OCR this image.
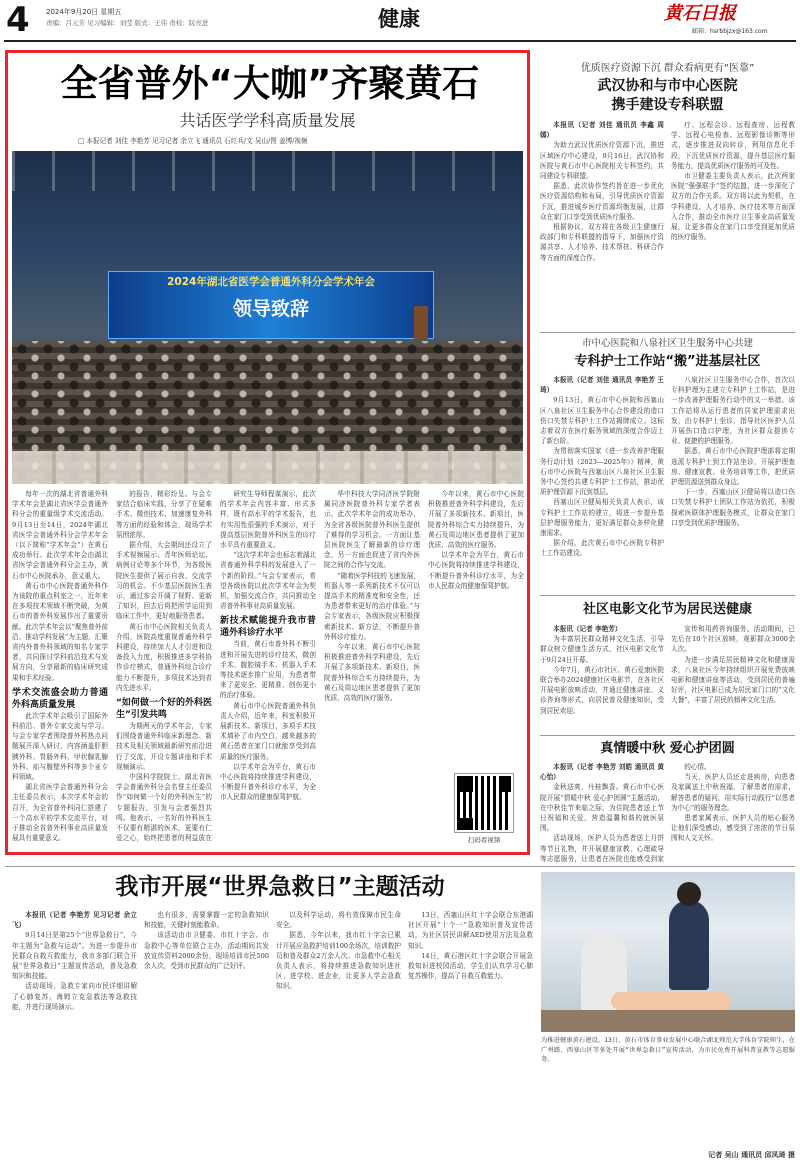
4 2024年9月20日 星期五
责编：吕元芳 见习编辑：刘莹 版式：王伟 责校：阮亮进	健康	黄石日报
邮箱：hsrbbjzx@163.com
全省普外“大咖”齐聚黄石
共话医学学科高质量发展
□ 本报记者 刘佳 李艳芳 见习记者 余立飞 通讯员 石红兵/文 吴山/图 姜博/视频
2024年湖北省医学会普通外科分会学术年会
领导致辞

每年一次的湖北省普通外科学术年会是湖北省医学会普通外科分会的重量级学术交流活动。9月13日至14日，2024年湖北省医学会普通外科分会学术年会（以下简称“学术年会”）在黄石成功举行。此次学术年会由湖北省医学会普通外科分会主办，黄石市中心医院承办，意义重大。

黄石市中心医院普通外科作为该院的重点科室之一，近年来在多项技术领域不断突破，为黄石市的普外科发展作出了重要贡献。此次学术年会以“聚焦普外前沿、推动学科发展”为主题，汇聚省内外普外科领域的知名专家学者，共同探讨学科前沿技术与发展方向，分享最新的临床研究成果和手术经验。

学术交流盛会助力普通外科高质量发展

此次学术年会吸引了国际外科前沿、普外专家交流与学习。与会专家学者围绕普外科热点问题展开深入研讨，内容涵盖肝胆胰外科、胃肠外科、甲状腺乳腺外科、疝与腹壁外科等多个亚专科领域。

湖北省医学会普通外科分会主任委员表示，本次学术年会的召开，为全省普外科同仁搭建了一个高水平的学术交流平台，对于推动全省普外科事业高质量发展具有重要意义。

的报告，精彩纷呈。与会专家结合临床实践，分享了在疑难手术、微创技术、加速康复外科等方面的经验和体会，现场学术氛围浓厚。

据介绍，大会期间还设立了手术视频展示、青年医师论坛、病例讨论等多个环节，为各级医院医生提供了展示自我、交流学习的机会。不少基层医院医生表示，通过参会开阔了视野、更新了知识，回去后将把所学运用到临床工作中，更好地服务患者。

黄石市中心医院相关负责人介绍，医院高度重视普通外科学科建设，持续加大人才引进和设备投入力度，积极推进多学科协作诊疗模式，普通外科综合诊疗能力不断提升，多项技术达到省内先进水平。

“如何做一个好的外科医生”引发共鸣

为期两天的学术年会，专家们围绕普通外科临床新理念、新技术及相关领域最新研究前沿进行了交流，开设专题讲座和手术视频演示。

中国科学院院士、湖北省医学会普通外科分会名誉主任委员作“如何做一个好的外科医生”的专题报告，引发与会者强烈共鸣。他表示，一名好的外科医生不仅要有精湛的医术，更要有仁爱之心，始终把患者的利益放在

研究生导师程谋演示，此次的学术年会内容丰富、形式多样，既有高水平的学术报告，也有实用性很强的手术演示，对于提高基层医院普外科医生的诊疗水平具有重要意义。

“这次学术年会也标志着湖北省普通外科学科的发展进入了一个新的阶段。”与会专家表示，希望各级医院以此次学术年会为契机，加强交流合作，共同推动全省普外科事业高质量发展。

新技术赋能提升我市普通外科诊疗水平

当前，黄石市普外科不断引进和开展先进的诊疗技术，微创手术、腹腔镜手术、机器人手术等技术逐步推广应用，为患者带来了更安全、更精准、创伤更小的治疗体验。

黄石市中心医院普通外科负责人介绍，近年来，科室积极开展新技术、新项目，多项手术技术填补了市内空白，越来越多的黄石患者在家门口就能享受到高质量的医疗服务。

以学术年会为平台，黄石市中心医院将持续推进学科建设，不断提升普外科诊疗水平，为全市人民群众的健康保驾护航。

华中科技大学同济医学院附属同济医院普外科专家学者表示，此次学术年会的成功举办，为全省各级医院普外科医生提供了难得的学习机会。一方面让基层医院医生了解最新的诊疗理念，另一方面也促进了省内外医院之间的合作与交流。

“随着医学科技的飞速发展，机器人等一系列新技术不仅可以提高手术的精准度和安全性，还为患者带来更好的治疗体验。”与会专家表示，各级医院应积极探索新技术、新方法，不断提升普外科诊疗能力。

今年以来，黄石市中心医院积极推进普外科学科建设，先后开展了多项新技术、新项目，医院普外科综合实力持续提升，为黄石及周边地区患者提供了更加优质、高效的医疗服务。

今年以来，黄石市中心医院积极推进普外科学科建设，先后开展了多项新技术、新项目，医院普外科综合实力持续提升，为黄石及周边地区患者提供了更加优质、高效的医疗服务。

以学术年会为平台，黄石市中心医院将持续推进学科建设，不断提升普外科诊疗水平，为全市人民群众的健康保驾护航。

扫码看视频
优质医疗资源下沉 群众看病更有“医靠”
武汉协和与市中心医院
携手建设专科联盟

本报讯（记者 刘佳 通讯员 李鑫 周嫣）

为助力武汉优质医疗资源下沉，推进区域医疗中心建设，9月16日，武汉协和医院与黄石市中心医院相关专科签约，共同建设专科联盟。

据悉，此次协作签约旨在进一步优化医疗资源结构和布局，引导优质医疗资源下沉，推进城乡医疗资源均衡发展，让群众在家门口享受到优质医疗服务。

根据协议，双方将在各级卫生健康行政部门和专科联盟的指导下，加强医疗资源共享、人才培养、技术帮扶、科研合作等方面的深度合作。

疗、远程会诊、远程查房、远程教学、远程心电检查、远程影像诊断等形式，逐步推进双向转诊，利用信息化手段，下沉优质医疗资源，提升基层医疗服务能力，提高优质医疗服务的可及性。

市卫健委主要负责人表示，此次两家医院“强强联手”签约结盟，进一步深化了双方的合作关系。双方将以此为契机，在学科建设、人才培养、医疗技术等方面深入合作，推动全市医疗卫生事业高质量发展，让更多群众在家门口享受到更加优质的医疗服务。

市中心医院和八泉社区卫生服务中心共建
专科护士工作站“搬”进基层社区

本报讯（记者 刘佳 通讯员 李艳芳 王琦）

9月13日，黄石市中心医院和西塞山区八泉社区卫生服务中心合作建设的造口伤口失禁专科护士工作站揭牌成立。这标志着双方在医疗服务领域的深度合作迈上了新台阶。

为贯彻落实国家《进一步改善护理服务行动计划（2023—2025年）》精神，黄石市中心医院与西塞山区八泉社区卫生服务中心签约共建专科护士工作站，推动优质护理资源下沉到基层。

西塞山区卫健局相关负责人表示，该专科护士工作站的建立，将进一步提升基层护理服务能力，更好满足群众多样化健康需求。

据介绍，此次黄石市中心医院专科护士工作站建设。

八泉社区卫生服务中心合作，首次以专科护理为主建立专科护士工作站，是进一步改善护理服务行动中的又一举措。该工作站将从运行患者的居家护理需求出发，由专科护士坐诊、指导社区医护人员开展伤口造口护理，为社区群众提供专业、便捷的护理服务。

据悉，黄石市中心医院护理部将定期选派专科护士到工作站坐诊，开展护理查房、健康宣教、业务培训等工作，把优质护理资源送到群众身边。

下一步，西塞山区卫健局将以造口伤口失禁专科护士团队工作站为依托，积极探索医联体护理服务模式，让群众在家门口享受到优质护理服务。

社区电影文化节为居民送健康

本报讯（记者 李艳芳）

为丰富居民群众精神文化生活，引导群众树立健康生活方式，社区电影文化节于9月24日开幕。

今年7月，黄石市社区、黄石爱康医院联合举办2024健康社区电影节，在各社区开展电影放映活动，并通过健康讲座、义诊咨询等形式，向居民普及健康知识，受到居民欢迎。

宣传和用药咨询服务。活动期间，已先后在10个社区放映，观影群众3000余人次。

为进一步满足居民精神文化和健康需求，八泉社区今年持续组织开展免费放映电影和健康讲座等活动，受到居民的普遍好评，社区电影已成为居民家门口的“文化大餐”，丰富了居民的精神文化生活。

真情暖中秋 爱心护团圆

本报讯（记者 李艳芳 刘皓 通讯员 黄心怡）

金秋送爽，丹桂飘香。黄石市中心医院开展“情暖中秋 爱心护团圆”主题活动，在中秋佳节来临之际，为住院患者送上节日祝福和关爱，营造温馨和谐的就医氛围。

活动现场，医护人员为患者送上月饼等节日礼物，并开展健康宣教、心理疏导等志愿服务，让患者在医院也能感受到家

的心情。

当天，医护人员还走进病房，向患者及家属送上中秋祝福，了解患者的需求，解答患者的疑问，用实际行动践行“以患者为中心”的服务理念。

患者家属表示，医护人员的贴心服务让他们深受感动，感受到了浓浓的节日氛围和人文关怀。

我市开展“世界急救日”主题活动

本报讯（记者 李艳芳 见习记者 余立飞）

9月14日是第25个“世界急救日”，今年主题为“急救与运动”。为进一步提升市民群众自救互救能力，我市多部门联合开展“世界急救日”主题宣传活动，普及急救知识和技能。

活动现场，急救专家向市民详细讲解了心肺复苏、海姆立克急救法等急救技能，并进行现场演示。

也有很多，需要掌握一定的急救知识和技能，关键时刻能救命。

该活动由市卫健委、市红十字会、市急救中心等单位联合主办，活动期间共发放宣传资料2000余份，现场培训市民500余人次，受到市民群众的广泛好评。

以及科学运动，将有效保障市民生命安全。

据悉，今年以来，我市红十字会已累计开展应急救护培训100余场次，培训救护员和普及群众2万余人次。市急救中心相关负责人表示，将持续推进急救知识进社区、进学校、进企业，让更多人学会急救知识。

13日，西塞山区红十字会联合东港湖社区开展“十个一”急救知识普及宣传活动，为社区居民讲解AED使用方法及急救知识。

14日，黄石港区红十字会联合开展急救知识进校园活动，学生们认真学习心肺复苏操作，提高了自救互救能力。

为推进健康黄石建设，13日，黄石市体育事业发展中心联合湖北师范大学体育学院师生，在广州路、西塞山区等多处开展“世界急救日”宣传活动，为市民免费开展科普宣教等志愿服务。
记者 吴山 通讯员 邱凤琦 摄
